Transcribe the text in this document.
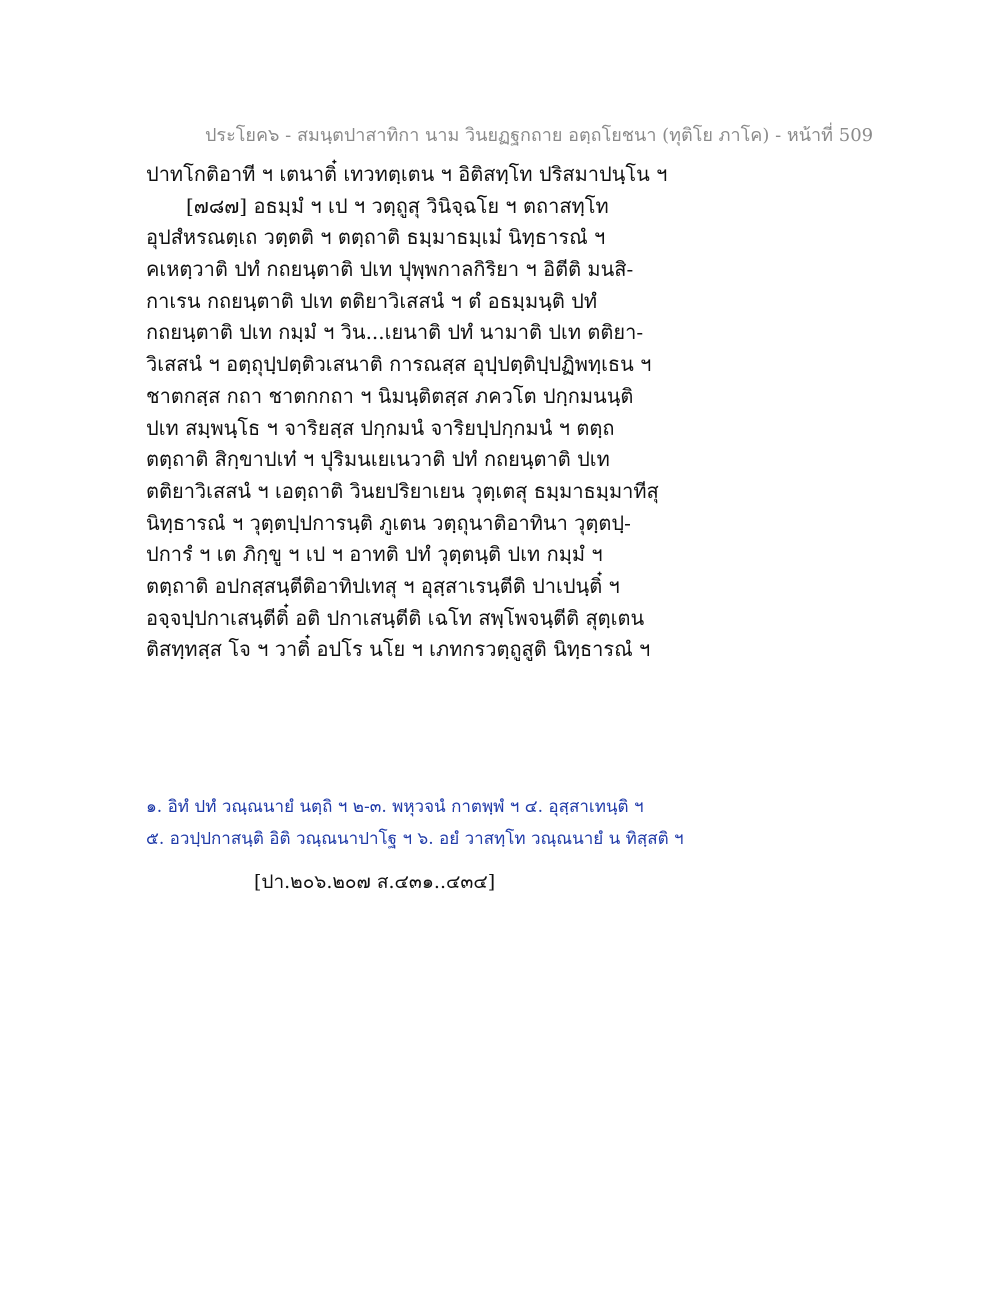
ประโยค๖ - สมนฺตปาสาทิกา นาม วินยฏฐกถาย อตฺถโยชนา (ทุติโย ภาโค) - หน้าที่ 509
ปาทโกติอาที ฯ เตนาติ๋ เทวทตฺเตน ฯ อิติสทฺโท ปริสมาปนฺโน ฯ
[๗๘๗] อธมฺมํ ฯ เป ฯ วตฺถูสุ วินิจฺฉโย ฯ ตถาสทฺโท
อุปสํหรณตฺเถ วตฺตติ ฯ ตตฺถาติ ธมฺมาธมฺเม๋ นิทฺธารณํ ฯ
คเหตฺวาติ ปทํ กถยนฺตาติ ปเท ปุพฺพกาลกิริยา ฯ อิตีติ มนสิ-
กาเรน กถยนฺตาติ ปเท ตติยาวิเสสนํ ฯ ตํ อธมฺมนฺติ ปทํ
กถยนฺตาติ ปเท กมฺมํ ฯ วิน...เยนาติ ปทํ นามาติ ปเท ตติยา-
วิเสสนํ ฯ อตฺถุปฺปตฺติวเสนาติ การณสฺส อุปฺปตฺติปฺปฏิพทฺเธน ฯ
ชาตกสฺส กถา ชาตกกถา ฯ นิมนฺติตสฺส ภควโต ปกฺกมนนฺติ
ปเท สมฺพนฺโธ ฯ จาริยสฺส ปกฺกมนํ จาริยปฺปกฺกมนํ ฯ ตตฺถ
ตตฺถาติ สิกฺขาปเท๋ ฯ ปุริมนเยเนวาติ ปทํ กถยนฺตาติ ปเท
ตติยาวิเสสนํ ฯ เอตฺถาติ วินยปริยาเยน วุตฺเตสุ ธมฺมาธมฺมาทีสุ
นิทฺธารณํ ฯ วุตฺตปฺปการนฺติ ภูเตน วตฺถุนาติอาทินา วุตฺตปฺ-
ปการํ ฯ เต ภิกฺขู ฯ เป ฯ อาทติ ปทํ วุตฺตนฺติ ปเท กมฺมํ ฯ
ตตฺถาติ อปกสฺสนฺตีติอาทิปเทสุ ฯ อุสฺสาเรนฺตีติ ปาเปนฺติ๋ ฯ
อจฺจปฺปกาเสนฺตีติ๋ อติ ปกาเสนฺตีติ เฉโท สพฺโพจนฺตีติ สุตฺเตน
ติสทฺทสฺส โจ ฯ วาติ๋ อปโร นโย ฯ เภทกรวตฺถูสูติ นิทฺธารณํ ฯ
๑. อิทํ ปทํ วณฺณนายํ นตฺถิ ฯ ๒-๓. พหุวจนํ กาตพฺพํ ฯ ๔. อุสฺสาเทนฺติ ฯ
๕. อวปฺปกาสนฺติ อิติ วณฺณนาปาโฐ ฯ ๖. อยํ วาสทฺโท วณฺณนายํ น ทิสฺสติ ฯ
[ปา.๒๐๖.๒๐๗ ส.๔๓๑..๔๓๔]
